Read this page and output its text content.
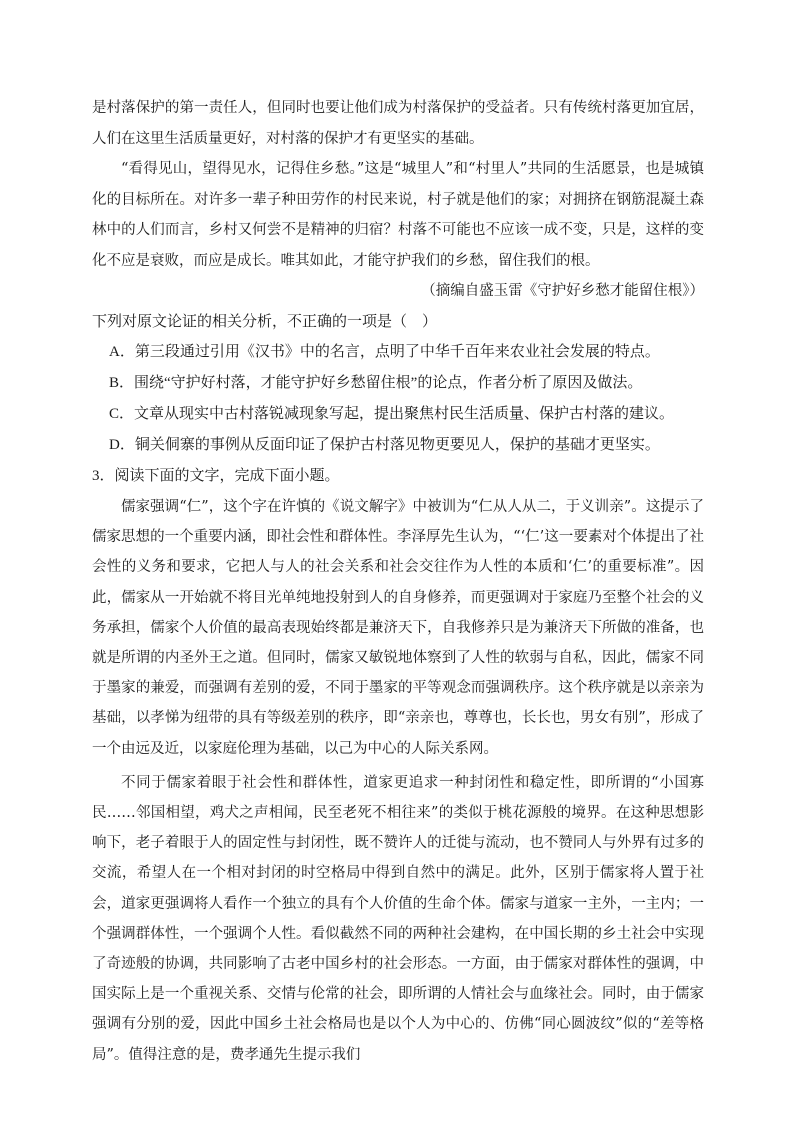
是村落保护的第一责任人，但同时也要让他们成为村落保护的受益者。只有传统村落更加宜居，人们在这里生活质量更好，对村落的保护才有更坚实的基础。

“看得见山，望得见水，记得住乡愁。”这是“城里人”和“村里人”共同的生活愿景，也是城镇化的目标所在。对许多一辈子种田劳作的村民来说，村子就是他们的家；对拥挤在钢筋混凝土森林中的人们而言，乡村又何尝不是精神的归宿？村落不可能也不应该一成不变，只是，这样的变化不应是衰败，而应是成长。唯其如此，才能守护我们的乡愁，留住我们的根。

（摘编自盛玉雷《守护好乡愁才能留住根》）

下列对原文论证的相关分析，不正确的一项是（　）

A．第三段通过引用《汉书》中的名言，点明了中华千百年来农业社会发展的特点。

B．围绕“守护好村落，才能守护好乡愁留住根”的论点，作者分析了原因及做法。

C．文章从现实中古村落锐减现象写起，提出聚焦村民生活质量、保护古村落的建议。

D．铜关侗寨的事例从反面印证了保护古村落见物更要见人，保护的基础才更坚实。

3．阅读下面的文字，完成下面小题。

儒家强调“仁”，这个字在许慎的《说文解字》中被训为“仁从人从二，于义训亲”。这提示了儒家思想的一个重要内涵，即社会性和群体性。李泽厚先生认为，“‘仁’这一要素对个体提出了社会性的义务和要求，它把人与人的社会关系和社会交往作为人性的本质和‘仁’的重要标准”。因此，儒家从一开始就不将目光单纯地投射到人的自身修养，而更强调对于家庭乃至整个社会的义务承担，儒家个人价值的最高表现始终都是兼济天下，自我修养只是为兼济天下所做的准备，也就是所谓的内圣外王之道。但同时，儒家又敏锐地体察到了人性的软弱与自私，因此，儒家不同于墨家的兼爱，而强调有差别的爱，不同于墨家的平等观念而强调秩序。这个秩序就是以亲亲为基础，以孝悌为纽带的具有等级差别的秩序，即“亲亲也，尊尊也，长长也，男女有别”，形成了一个由远及近，以家庭伦理为基础，以己为中心的人际关系网。

不同于儒家着眼于社会性和群体性，道家更追求一种封闭性和稳定性，即所谓的“小国寡民……邻国相望，鸡犬之声相闻，民至老死不相往来”的类似于桃花源般的境界。在这种思想影响下，老子着眼于人的固定性与封闭性，既不赞许人的迁徙与流动，也不赞同人与外界有过多的交流，希望人在一个相对封闭的时空格局中得到自然中的满足。此外，区别于儒家将人置于社会，道家更强调将人看作一个独立的具有个人价值的生命个体。儒家与道家一主外，一主内；一个强调群体性，一个强调个人性。看似截然不同的两种社会建构，在中国长期的乡土社会中实现了奇迹般的协调，共同影响了古老中国乡村的社会形态。一方面，由于儒家对群体性的强调，中国实际上是一个重视关系、交情与伦常的社会，即所谓的人情社会与血缘社会。同时，由于儒家强调有分别的爱，因此中国乡土社会格局也是以个人为中心的、仿佛“同心圆波纹”似的“差等格局”。值得注意的是，费孝通先生提示我们
